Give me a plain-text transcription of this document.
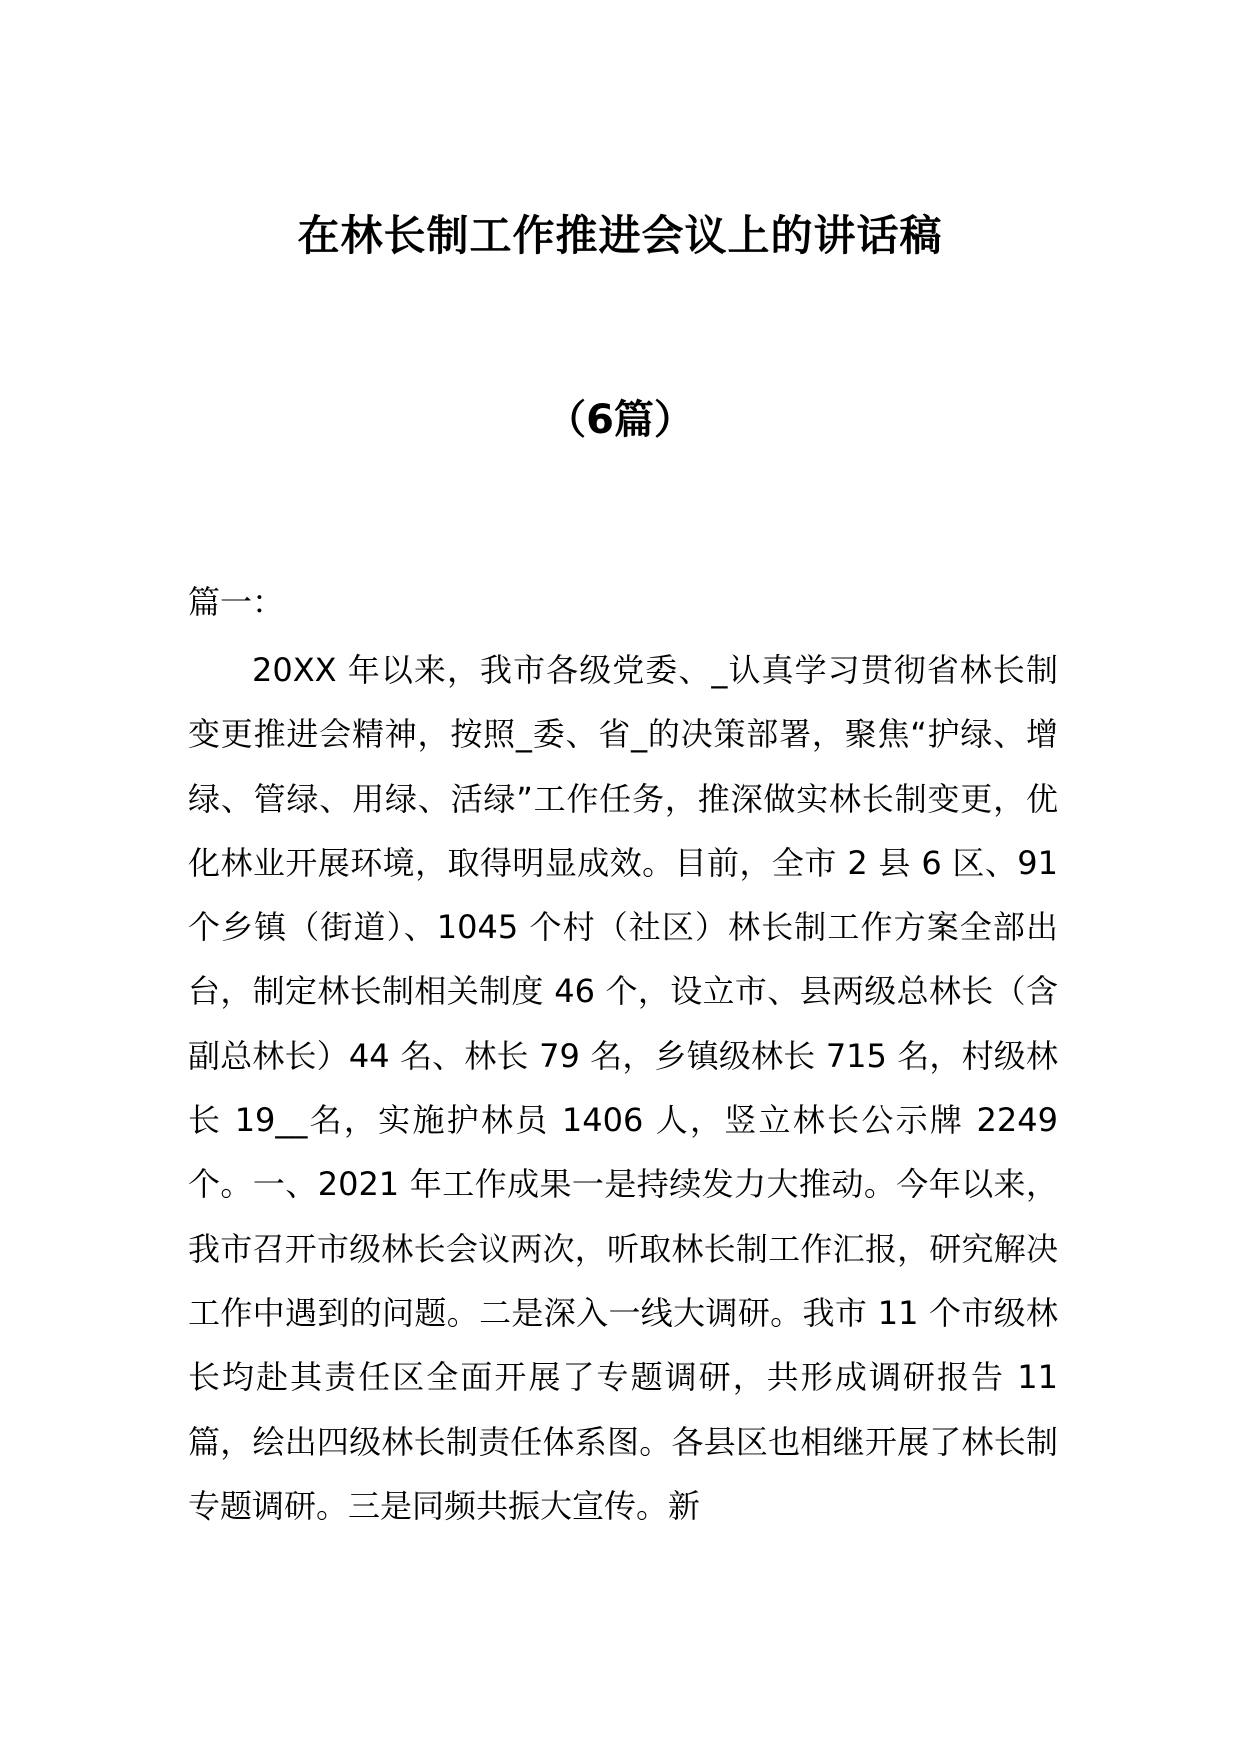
在林长制工作推进会议上的讲话稿
（6篇）

篇一：

20XX 年以来，我市各级党委、_认真学习贯彻省林长制变更推进会精神，按照_委、省_的决策部署，聚焦“护绿、增绿、管绿、用绿、活绿”工作任务，推深做实林长制变更，优化林业开展环境，取得明显成效。目前，全市 2 县 6 区、91 个乡镇（街道）、1045 个村（社区）林长制工作方案全部出台，制定林长制相关制度 46 个，设立市、县两级总林长（含副总林长）44 名、林长 79 名，乡镇级林长 715 名，村级林长 19__名，实施护林员 1406 人，竖立林长公示牌 2249 个。一、2021 年工作成果一是持续发力大推动。今年以来，我市召开市级林长会议两次，听取林长制工作汇报，研究解决工作中遇到的问题。二是深入一线大调研。我市 11 个市级林长均赴其责任区全面开展了专题调研，共形成调研报告 11 篇，绘出四级林长制责任体系图。各县区也相继开展了林长制专题调研。三是同频共振大宣传。新
